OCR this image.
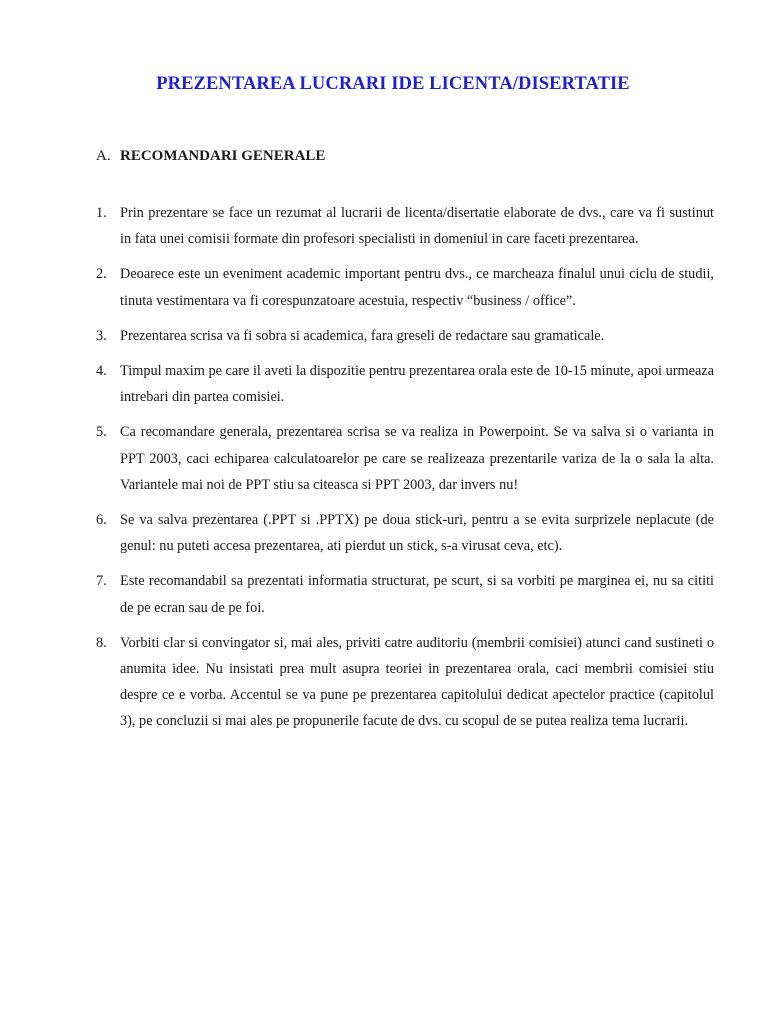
PREZENTAREA LUCRARI IDE LICENTA/DISERTATIE
A. RECOMANDARI GENERALE
1. Prin prezentare se face un rezumat al lucrarii de licenta/disertatie elaborate de dvs., care va fi sustinut in fata unei comisii formate din profesori specialisti in domeniul in care faceti prezentarea.
2. Deoarece este un eveniment academic important pentru dvs., ce marcheaza finalul unui ciclu de studii, tinuta vestimentara va fi corespunzatoare acestuia, respectiv “business / office”.
3. Prezentarea scrisa va fi sobra si academica, fara greseli de redactare sau gramaticale.
4. Timpul maxim pe care il aveti la dispozitie pentru prezentarea orala este de 10-15 minute, apoi urmeaza intrebari din partea comisiei.
5. Ca recomandare generala, prezentarea scrisa se va realiza in Powerpoint. Se va salva si o varianta in PPT 2003, caci echiparea calculatoarelor pe care se realizeaza prezentarile variza de la o sala la alta. Variantele mai noi de PPT stiu sa citeasca si PPT 2003, dar invers nu!
6. Se va salva prezentarea (.PPT si .PPTX) pe doua stick-uri, pentru a se evita surprizele neplacute (de genul: nu puteti accesa prezentarea, ati pierdut un stick, s-a virusat ceva, etc).
7. Este recomandabil sa prezentati informatia structurat, pe scurt, si sa vorbiti pe marginea ei, nu sa cititi de pe ecran sau de pe foi.
8. Vorbiti clar si convingator si, mai ales, priviti catre auditoriu (membrii comisiei) atunci cand sustineti o anumita idee. Nu insistati prea mult asupra teoriei in prezentarea orala, caci membrii comisiei stiu despre ce e vorba. Accentul se va pune pe prezentarea capitolului dedicat apectelor practice (capitolul 3), pe concluzii si mai ales pe propunerile facute de dvs. cu scopul de se putea realiza tema lucrarii.
